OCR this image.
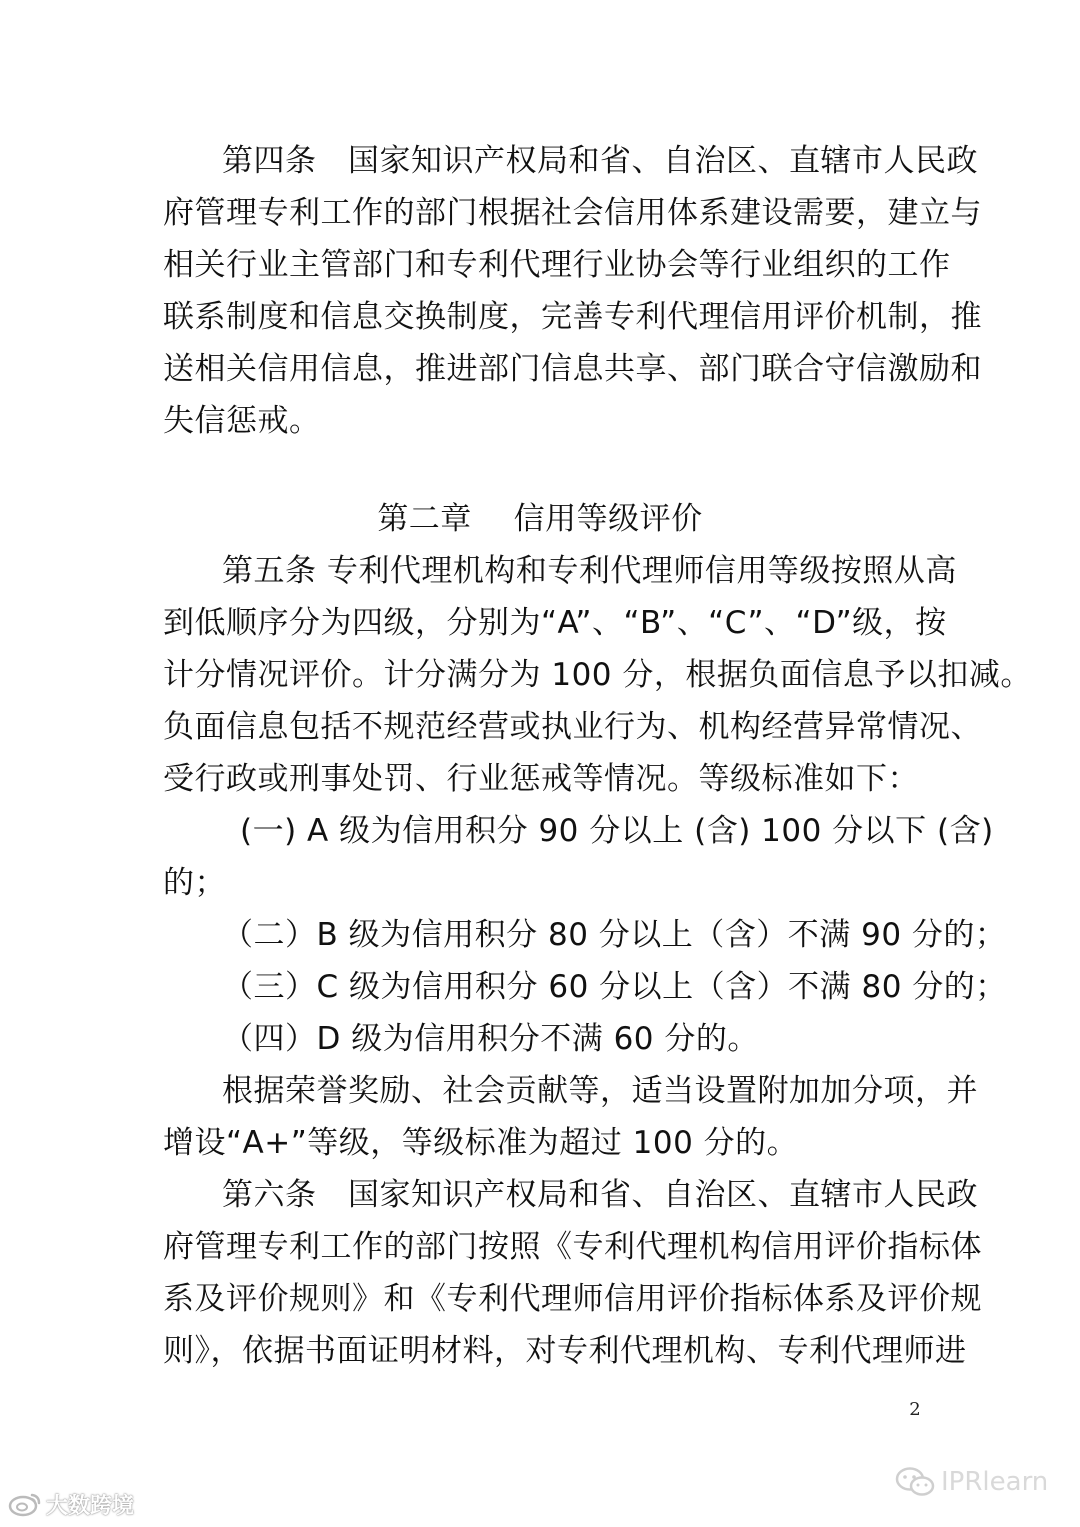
第四条　国家知识产权局和省、自治区、直辖市人民政
府管理专利工作的部门根据社会信用体系建设需要，建立与
相关行业主管部门和专利代理行业协会等行业组织的工作
联系制度和信息交换制度，完善专利代理信用评价机制，推
送相关信用信息，推进部门信息共享、部门联合守信激励和
失信惩戒。
第二章　 信用等级评价
第五条 专利代理机构和专利代理师信用等级按照从高
到低顺序分为四级，分别为“A”、“B”、“C”、“D”级，按
计分情况评价。计分满分为 100 分，根据负面信息予以扣减。
负面信息包括不规范经营或执业行为、机构经营异常情况、
受行政或刑事处罚、行业惩戒等情况。等级标准如下：
(一) A 级为信用积分 90 分以上 (含) 100 分以下 (含)
的；
（二）B 级为信用积分 80 分以上（含）不满 90 分的；
（三）C 级为信用积分 60 分以上（含）不满 80 分的；
（四）D 级为信用积分不满 60 分的。
根据荣誉奖励、社会贡献等，适当设置附加加分项，并
增设“A+”等级，等级标准为超过 100 分的。
第六条　国家知识产权局和省、自治区、直辖市人民政
府管理专利工作的部门按照《专利代理机构信用评价指标体
系及评价规则》和《专利代理师信用评价指标体系及评价规
则》，依据书面证明材料，对专利代理机构、专利代理师进
2
大数跨境
IPRlearn
